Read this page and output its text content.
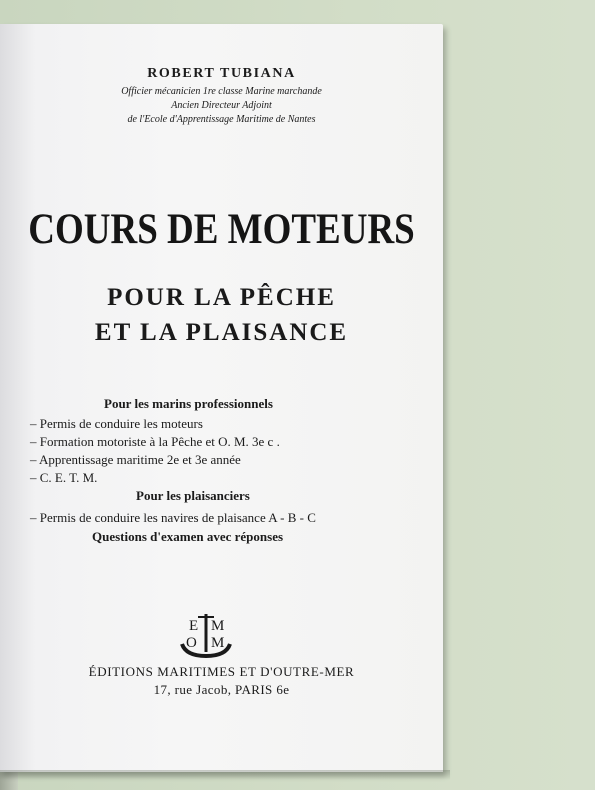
ROBERT TUBIANA
Officier mécanicien 1re classe Marine marchande
Ancien Directeur Adjoint
de l'Ecole d'Apprentissage Maritime de Nantes
COURS DE MOTEURS
POUR LA PÊCHE
ET LA PLAISANCE
Pour les marins professionnels
– Permis de conduire les moteurs
– Formation motoriste à la Pêche et O. M. 3e c .
– Apprentissage maritime 2e et 3e année
– C. E. T. M.
Pour les plaisanciers
– Permis de conduire les navires de plaisance A - B - C
Questions d'examen avec réponses
E M
O M
ÉDITIONS MARITIMES ET D'OUTRE-MER
17, rue Jacob, PARIS 6e
